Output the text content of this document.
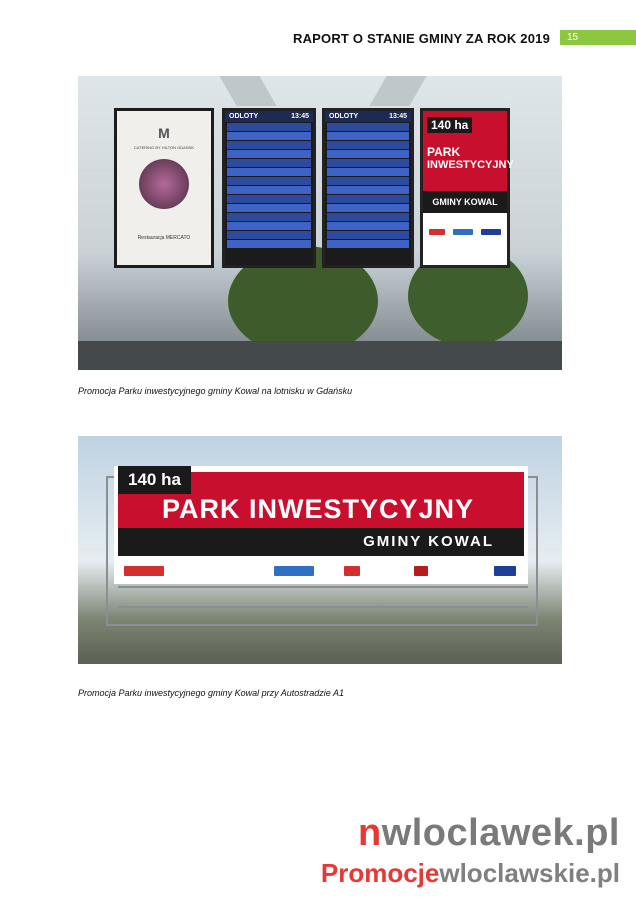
RAPORT O STANIE GMINY ZA ROK 2019	15
M
CATERING BY HILTON GDAŃSK
Restauracja MERCATO
ODLOTY	13:45	ODLOTY	13:45
140 ha
PARK
INWESTYCYJNY
GMINY KOWAL
Promocja Parku inwestycyjnego gminy Kowal na lotnisku w Gdańsku
PARK INWESTYCYJNY
140 ha
GMINY KOWAL
Promocja Parku inwestycyjnego gminy Kowal przy Autostradzie A1
nwloclawek.pl
Promocjewloclawskie.pl
